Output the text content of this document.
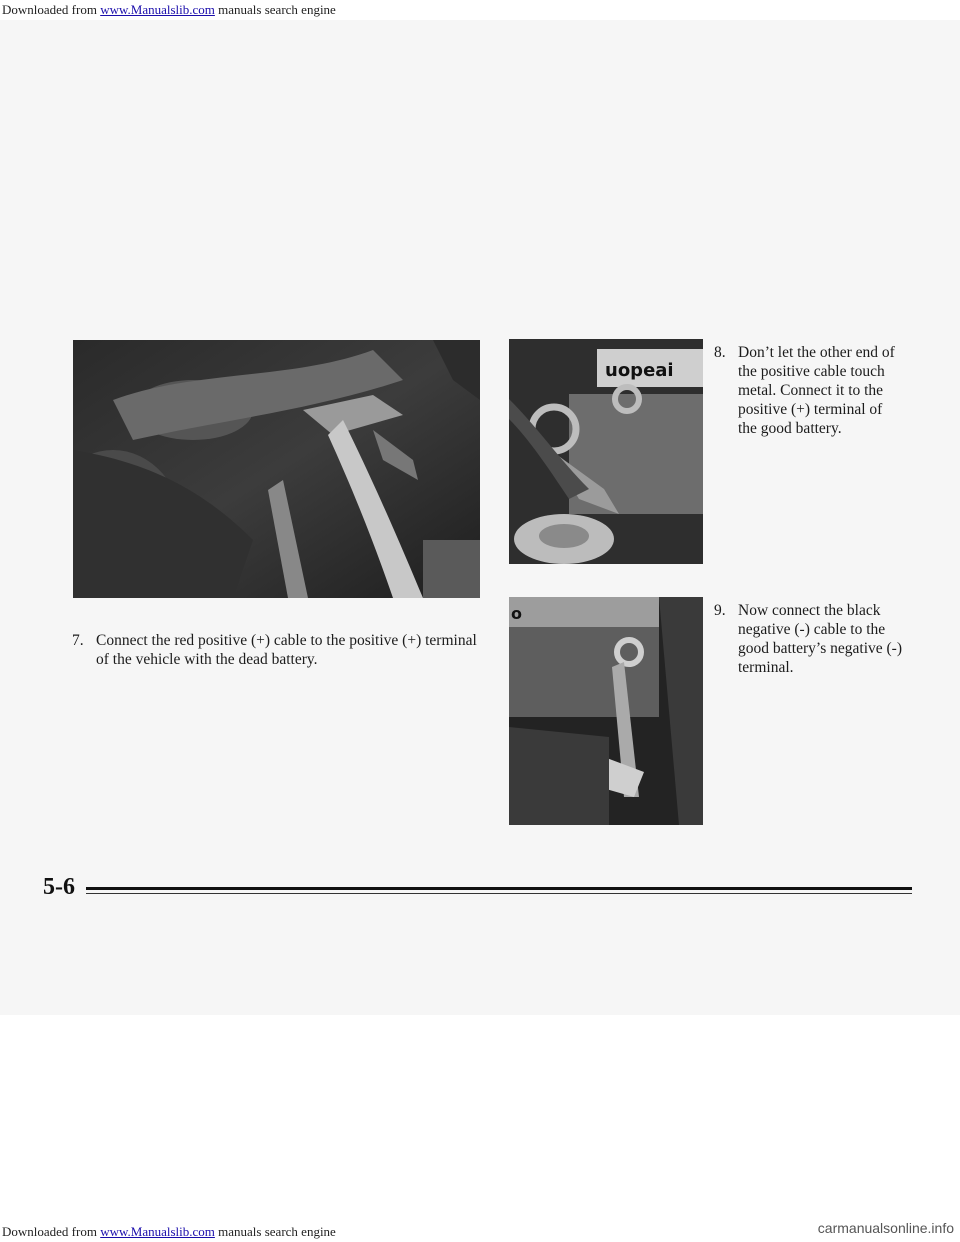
Downloaded from www.Manualslib.com manuals search engine
uopeai
o
7. Connect the red positive (+) cable to the positive (+) terminal of the vehicle with the dead battery.
8. Don’t let the other end of the positive cable touch metal. Connect it to the positive (+) terminal of the good battery.
9. Now connect the black negative (-) cable to the good battery’s negative (-) terminal.
5-6
Downloaded from www.Manualslib.com manuals search engine	carmanualsonline.info
